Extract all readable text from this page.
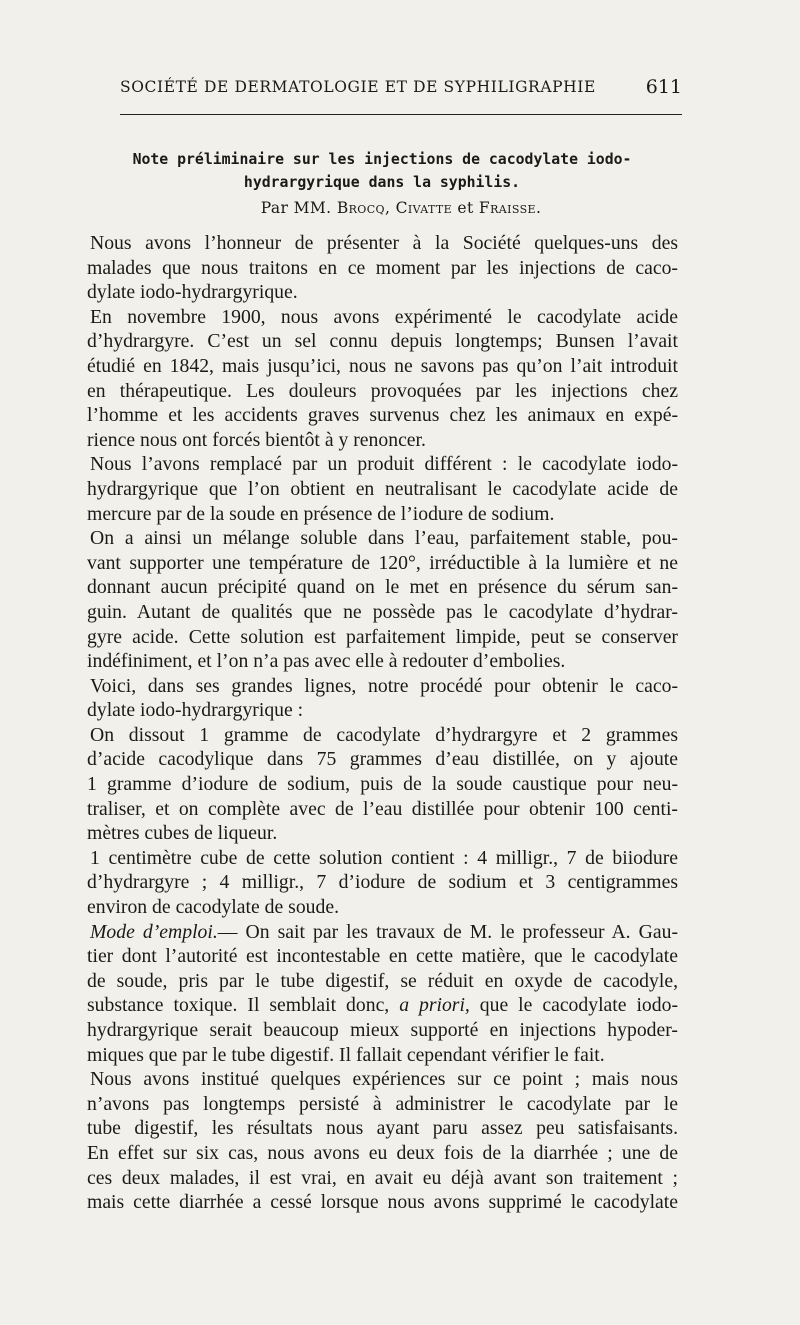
SOCIÉTÉ DE DERMATOLOGIE ET DE SYPHILIGRAPHIE	611
Note préliminaire sur les injections de cacodylate iodo-
hydrargyrique dans la syphilis.
Par MM. Brocq, Civatte et Fraisse.

Nous avons l’honneur de présenter à la Société quelques-uns des
malades que nous traitons en ce moment par les injections de caco-
dylate iodo-hydrargyrique.

En novembre 1900, nous avons expérimenté le cacodylate acide
d’hydrargyre. C’est un sel connu depuis longtemps; Bunsen l’avait
étudié en 1842, mais jusqu’ici, nous ne savons pas qu’on l’ait introduit
en thérapeutique. Les douleurs provoquées par les injections chez
l’homme et les accidents graves survenus chez les animaux en expé-
rience nous ont forcés bientôt à y renoncer.

Nous l’avons remplacé par un produit différent : le cacodylate iodo-
hydrargyrique que l’on obtient en neutralisant le cacodylate acide de
mercure par de la soude en présence de l’iodure de sodium.

On a ainsi un mélange soluble dans l’eau, parfaitement stable, pou-
vant supporter une température de 120°, irréductible à la lumière et ne
donnant aucun précipité quand on le met en présence du sérum san-
guin. Autant de qualités que ne possède pas le cacodylate d’hydrar-
gyre acide. Cette solution est parfaitement limpide, peut se conserver
indéfiniment, et l’on n’a pas avec elle à redouter d’embolies.

Voici, dans ses grandes lignes, notre procédé pour obtenir le caco-
dylate iodo-hydrargyrique :

On dissout 1 gramme de cacodylate d’hydrargyre et 2 grammes
d’acide cacodylique dans 75 grammes d’eau distillée, on y ajoute
1 gramme d’iodure de sodium, puis de la soude caustique pour neu-
traliser, et on complète avec de l’eau distillée pour obtenir 100 centi-
mètres cubes de liqueur.

1 centimètre cube de cette solution contient : 4 milligr., 7 de biiodure
d’hydrargyre ; 4 milligr., 7 d’iodure de sodium et 3 centigrammes
environ de cacodylate de soude.

Mode d’emploi.— On sait par les travaux de M. le professeur A. Gau-
tier dont l’autorité est incontestable en cette matière, que le cacodylate
de soude, pris par le tube digestif, se réduit en oxyde de cacodyle,
substance toxique. Il semblait donc, a priori, que le cacodylate iodo-
hydrargyrique serait beaucoup mieux supporté en injections hypoder-
miques que par le tube digestif. Il fallait cependant vérifier le fait.

Nous avons institué quelques expériences sur ce point ; mais nous
n’avons pas longtemps persisté à administrer le cacodylate par le
tube digestif, les résultats nous ayant paru assez peu satisfaisants.
En effet sur six cas, nous avons eu deux fois de la diarrhée ; une de
ces deux malades, il est vrai, en avait eu déjà avant son traitement ;
mais cette diarrhée a cessé lorsque nous avons supprimé le cacodylate
